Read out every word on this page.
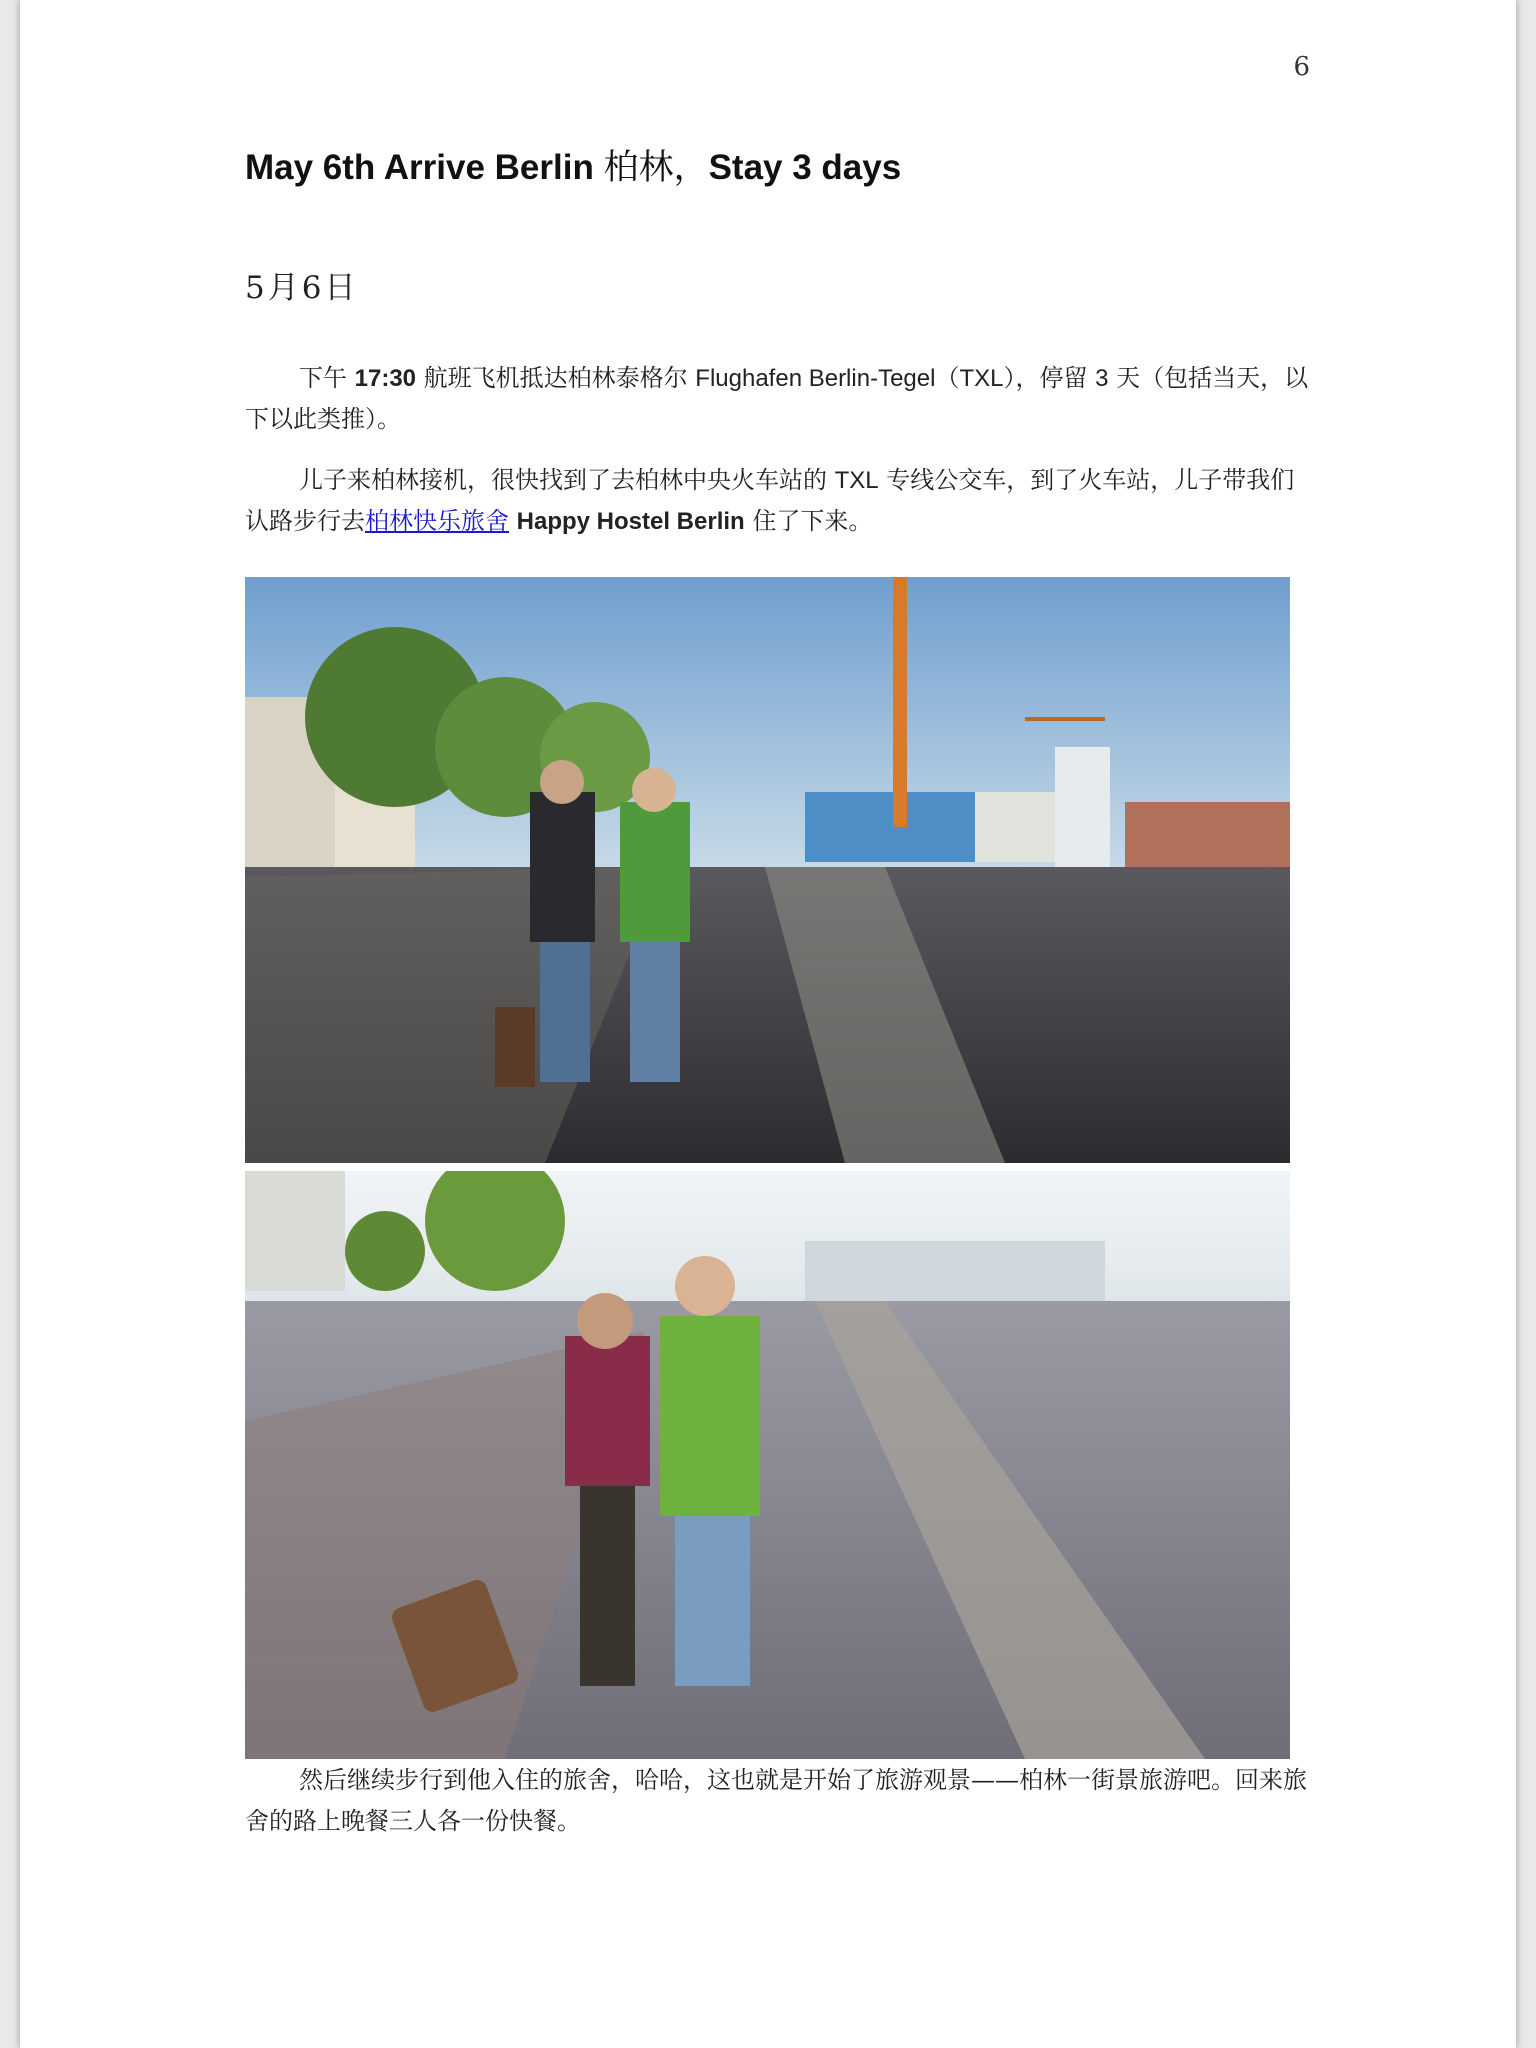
6
May 6th Arrive Berlin 柏林，Stay 3 days
5月6日

下午 17:30 航班飞机抵达柏林泰格尔 Flughafen Berlin-Tegel（TXL），停留 3 天（包括当天，以下以此类推）。

儿子来柏林接机，很快找到了去柏林中央火车站的 TXL 专线公交车，到了火车站，儿子带我们认路步行去柏林快乐旅舍 Happy Hostel Berlin 住了下来。

然后继续步行到他入住的旅舍，哈哈，这也就是开始了旅游观景——柏林一街景旅游吧。回来旅舍的路上晚餐三人各一份快餐。
